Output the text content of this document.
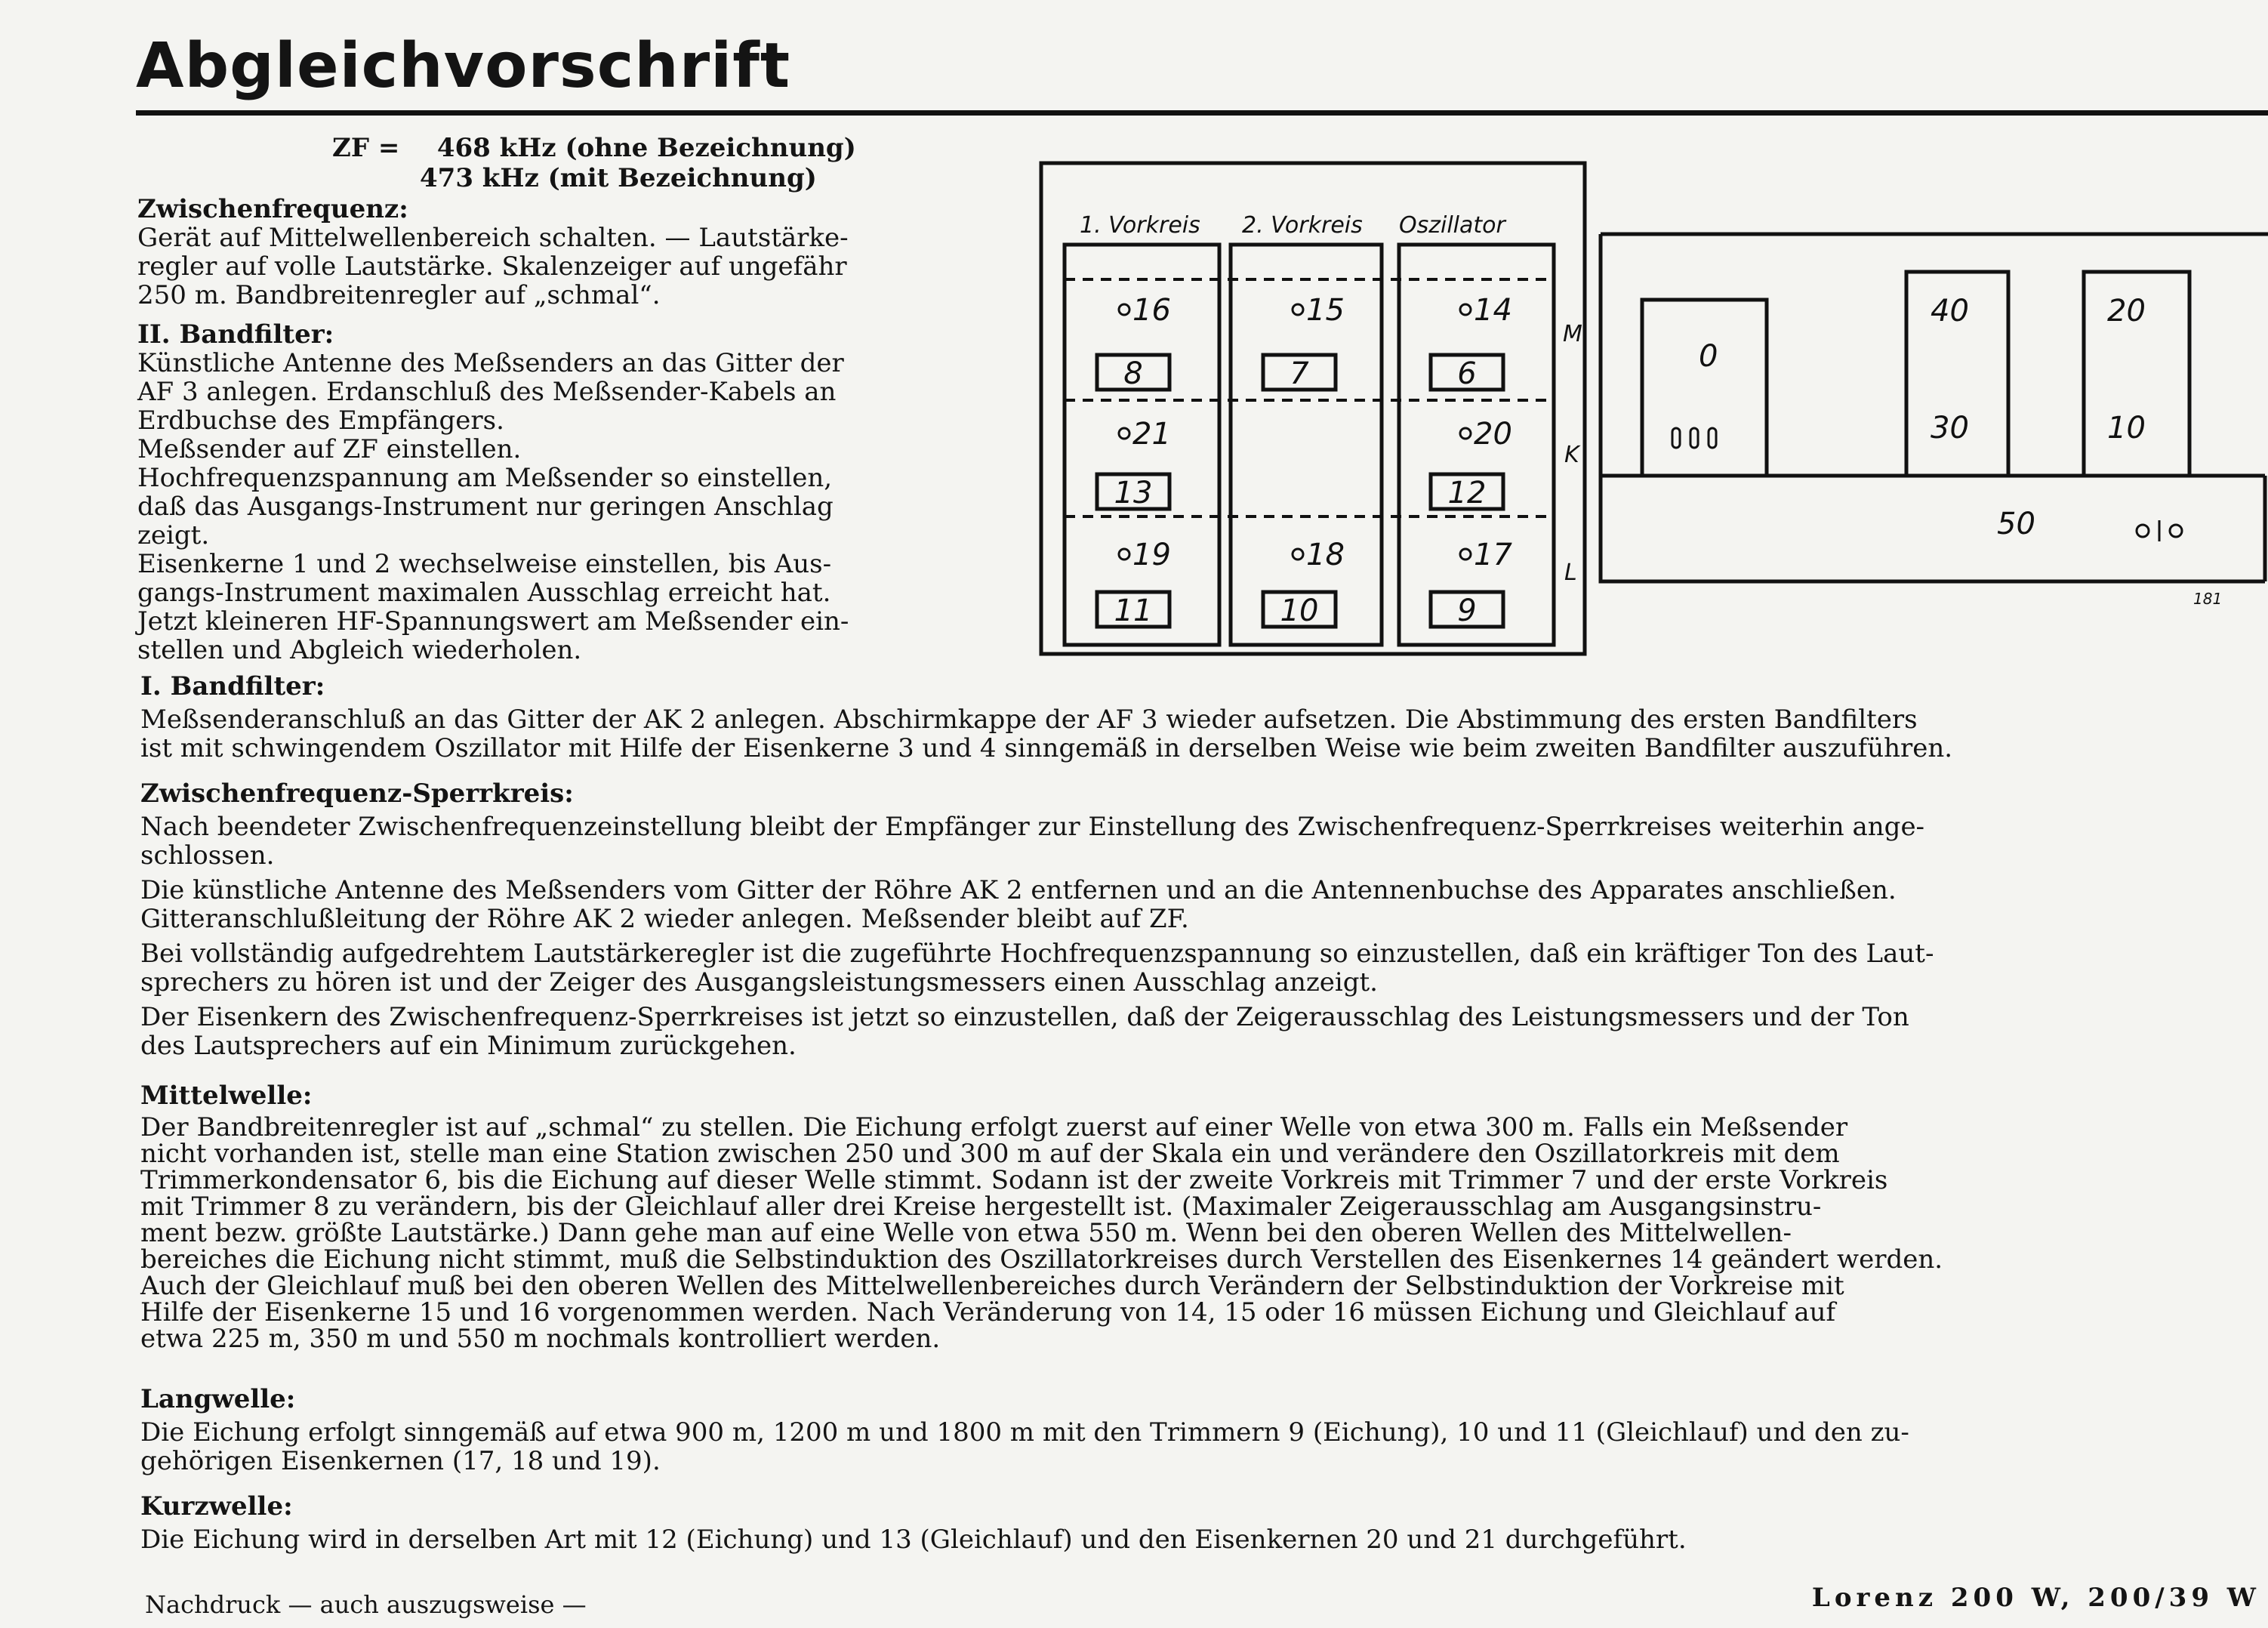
Abgleichvorschrift
ZF = 468 kHz (ohne Bezeichnung)
473 kHz (mit Bezeichnung)

Zwischenfrequenz:

Gerät auf Mittelwellenbereich schalten. — Lautstärke-

regler auf volle Lautstärke. Skalenzeiger auf ungefähr

250 m. Bandbreitenregler auf „schmal“.

II. Bandfilter:

Künstliche Antenne des Meßsenders an das Gitter der

AF 3 anlegen. Erdanschluß des Meßsender-Kabels an

Erdbuchse des Empfängers.

Meßsender auf ZF einstellen.

Hochfrequenzspannung am Meßsender so einstellen,

daß das Ausgangs-Instrument nur geringen Anschlag

zeigt.

Eisenkerne 1 und 2 wechselweise einstellen, bis Aus-

gangs-Instrument maximalen Ausschlag erreicht hat.

Jetzt kleineren HF-Spannungswert am Meßsender ein-

stellen und Abgleich wiederholen.

1. Vorkreis 2. Vorkreis Oszillator
M
K
L
16	15	14
21	20
19	18	17
8	7	6
13	12
11	10	9
40
30
20
10
50
0
181

I. Bandfilter:

Meßsenderanschluß an das Gitter der AK 2 anlegen. Abschirmkappe der AF 3 wieder aufsetzen. Die Abstimmung des ersten Bandfilters

ist mit schwingendem Oszillator mit Hilfe der Eisenkerne 3 und 4 sinngemäß in derselben Weise wie beim zweiten Bandfilter auszuführen.

Zwischenfrequenz-Sperrkreis:

Nach beendeter Zwischenfrequenzeinstellung bleibt der Empfänger zur Einstellung des Zwischenfrequenz-Sperrkreises weiterhin ange-

schlossen.

Die künstliche Antenne des Meßsenders vom Gitter der Röhre AK 2 entfernen und an die Antennenbuchse des Apparates anschließen.

Gitteranschlußleitung der Röhre AK 2 wieder anlegen. Meßsender bleibt auf ZF.

Bei vollständig aufgedrehtem Lautstärkeregler ist die zugeführte Hochfrequenzspannung so einzustellen, daß ein kräftiger Ton des Laut-

sprechers zu hören ist und der Zeiger des Ausgangsleistungsmessers einen Ausschlag anzeigt.

Der Eisenkern des Zwischenfrequenz-Sperrkreises ist jetzt so einzustellen, daß der Zeigerausschlag des Leistungsmessers und der Ton

des Lautsprechers auf ein Minimum zurückgehen.

Mittelwelle:

Der Bandbreitenregler ist auf „schmal“ zu stellen. Die Eichung erfolgt zuerst auf einer Welle von etwa 300 m. Falls ein Meßsender

nicht vorhanden ist, stelle man eine Station zwischen 250 und 300 m auf der Skala ein und verändere den Oszillatorkreis mit dem

Trimmerkondensator 6, bis die Eichung auf dieser Welle stimmt. Sodann ist der zweite Vorkreis mit Trimmer 7 und der erste Vorkreis

mit Trimmer 8 zu verändern, bis der Gleichlauf aller drei Kreise hergestellt ist. (Maximaler Zeigerausschlag am Ausgangsinstru-

ment bezw. größte Lautstärke.) Dann gehe man auf eine Welle von etwa 550 m. Wenn bei den oberen Wellen des Mittelwellen-

bereiches die Eichung nicht stimmt, muß die Selbstinduktion des Oszillatorkreises durch Verstellen des Eisenkernes 14 geändert werden.

Auch der Gleichlauf muß bei den oberen Wellen des Mittelwellenbereiches durch Verändern der Selbstinduktion der Vorkreise mit

Hilfe der Eisenkerne 15 und 16 vorgenommen werden. Nach Veränderung von 14, 15 oder 16 müssen Eichung und Gleichlauf auf

etwa 225 m, 350 m und 550 m nochmals kontrolliert werden.

Langwelle:

Die Eichung erfolgt sinngemäß auf etwa 900 m, 1200 m und 1800 m mit den Trimmern 9 (Eichung), 10 und 11 (Gleichlauf) und den zu-

gehörigen Eisenkernen (17, 18 und 19).

Kurzwelle:

Die Eichung wird in derselben Art mit 12 (Eichung) und 13 (Gleichlauf) und den Eisenkernen 20 und 21 durchgeführt.

Nachdruck — auch auszugsweise —	Lorenz 200 W, 200/39 W
